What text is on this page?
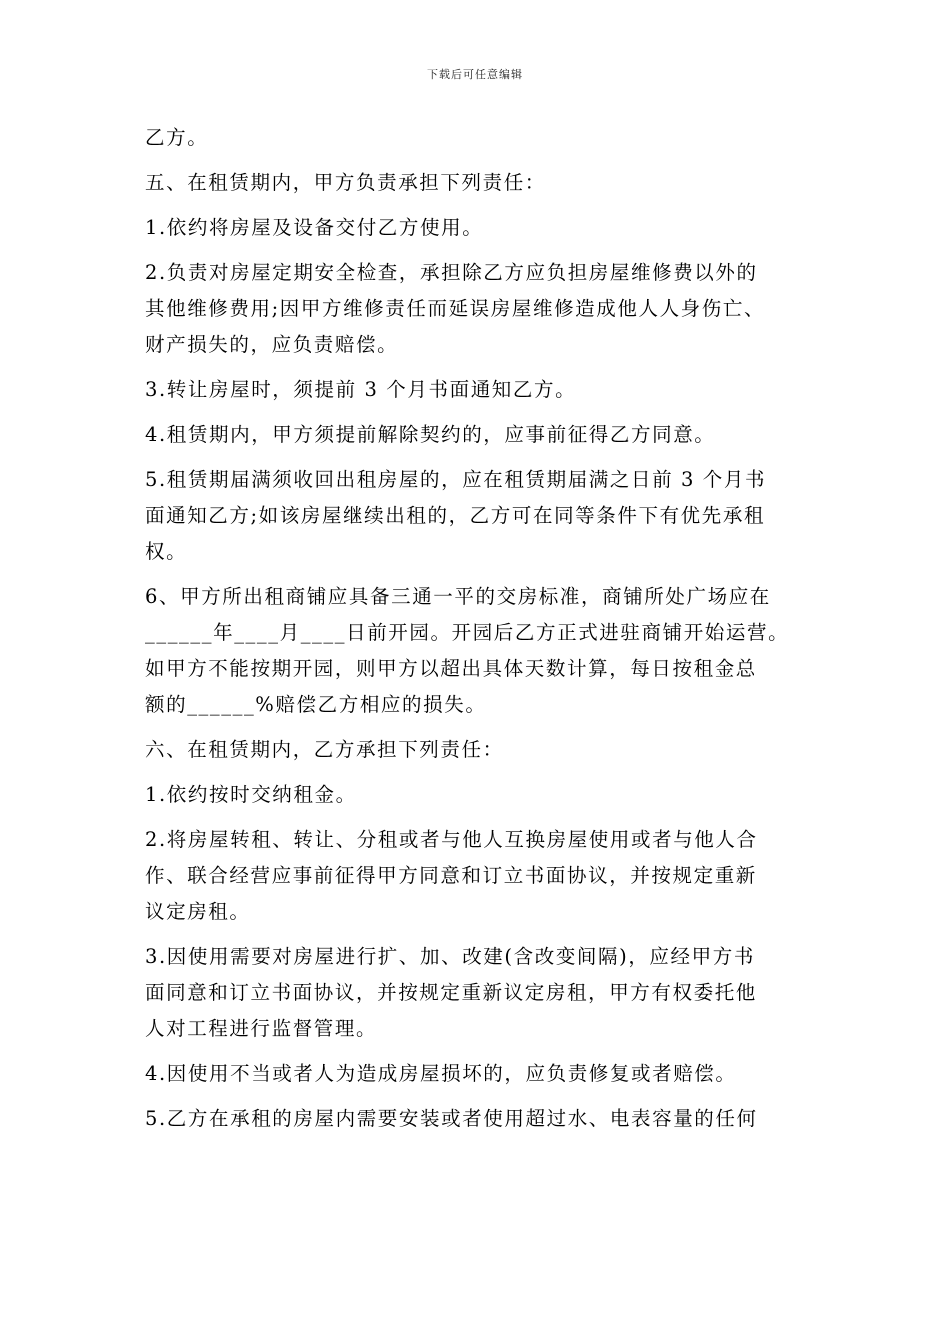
下载后可任意编辑

乙方。

五、在租赁期内，甲方负责承担下列责任：

1.依约将房屋及设备交付乙方使用。

2.负责对房屋定期安全检查，承担除乙方应负担房屋维修费以外的
其他维修费用;因甲方维修责任而延误房屋维修造成他人人身伤亡、
财产损失的，应负责赔偿。

3.转让房屋时，须提前 3 个月书面通知乙方。

4.租赁期内，甲方须提前解除契约的，应事前征得乙方同意。

5.租赁期届满须收回出租房屋的，应在租赁期届满之日前 3 个月书
面通知乙方;如该房屋继续出租的，乙方可在同等条件下有优先承租
权。

6、甲方所出租商铺应具备三通一平的交房标准，商铺所处广场应在
______年____月____日前开园。开园后乙方正式进驻商铺开始运营。
如甲方不能按期开园，则甲方以超出具体天数计算，每日按租金总
额的______%赔偿乙方相应的损失。

六、在租赁期内，乙方承担下列责任：

1.依约按时交纳租金。

2.将房屋转租、转让、分租或者与他人互换房屋使用或者与他人合
作、联合经营应事前征得甲方同意和订立书面协议，并按规定重新
议定房租。

3.因使用需要对房屋进行扩、加、改建(含改变间隔)，应经甲方书
面同意和订立书面协议，并按规定重新议定房租，甲方有权委托他
人对工程进行监督管理。

4.因使用不当或者人为造成房屋损坏的，应负责修复或者赔偿。

5.乙方在承租的房屋内需要安装或者使用超过水、电表容量的任何
